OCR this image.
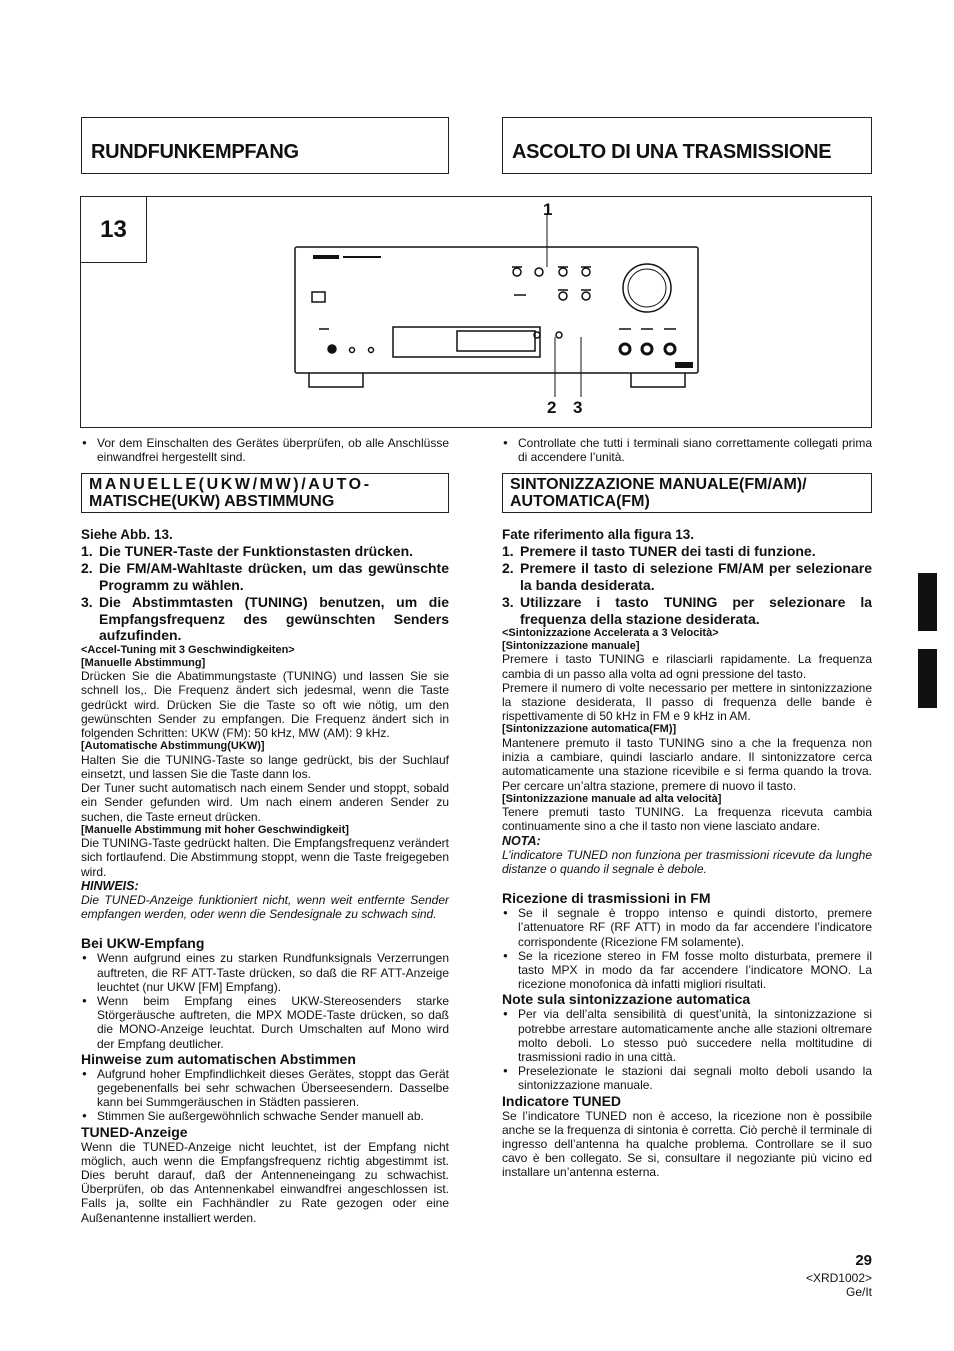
RUNDFUNKEMPFANG	ASCOLTO DI UNA TRASMISSIONE
13
1
2 3

● Vor dem Einschalten des Gerätes überprüfen, ob alle Anschlüsse einwandfrei hergestellt sind.

MANUELLE(UKW/MW)/AUTO-
MATISCHE(UKW) ABSTIMMUNG

Siehe Abb. 13.

1. Die TUNER-Taste der Funktionstasten drücken.
2. Die FM/AM-Wahltaste drücken, um das gewünschte Programm zu wählen.
3. Die Abstimmtasten (TUNING) benutzen, um die Empfangsfrequenz des gewünschten Senders aufzufinden.

<Accel-Tuning mit 3 Geschwindigkeiten>

[Manuelle Abstimmung]

Drücken Sie die Abatimmungstaste (TUNING) und lassen Sie sie schnell los,. Die Frequenz ändert sich jedesmal, wenn die Taste gedrückt wird. Drücken Sie die Taste so oft wie nötig, um den gewünschten Sender zu empfangen. Die Frequenz ändert sich in folgenden Schritten: UKW (FM): 50 kHz, MW (AM): 9 kHz.

[Automatische Abstimmung(UKW)]

Halten Sie die TUNING-Taste so lange gedrückt, bis der Suchlauf einsetzt, und lassen Sie die Taste dann los.

Der Tuner sucht automatisch nach einem Sender und stoppt, sobald ein Sender gefunden wird. Um nach einem anderen Sender zu suchen, die Taste erneut drücken.

[Manuelle Abstimmung mit hoher Geschwindigkeit]

Die TUNING-Taste gedrückt halten. Die Empfangsfrequenz verändert sich fortlaufend. Die Abstimmung stoppt, wenn die Taste freigegeben wird.

HINWEIS:

Die TUNED-Anzeige funktioniert nicht, wenn weit entfernte Sender empfangen werden, oder wenn die Sendesignale zu schwach sind.

Bei UKW-Empfang

● Wenn aufgrund eines zu starken Rundfunksignals Verzerrungen auftreten, die RF ATT-Taste drücken, so daß die RF ATT-Anzeige leuchtet (nur UKW [FM] Empfang).

● Wenn beim Empfang eines UKW-Stereosenders starke Störgeräusche auftreten, die MPX MODE-Taste drücken, so daß die MONO-Anzeige leuchtat. Durch Umschalten auf Mono wird der Empfang deutlicher.

Hinweise zum automatischen Abstimmen

● Aufgrund hoher Empfindlichkeit dieses Gerätes, stoppt das Gerät gegebenenfalls bei sehr schwachen Überseesendern. Dasselbe kann bei Summgeräuschen in Städten passieren.

● Stimmen Sie außergewöhnlich schwache Sender manuell ab.

TUNED-Anzeige

Wenn die TUNED-Anzeige nicht leuchtet, ist der Empfang nicht möglich, auch wenn die Empfangsfrequenz richtig abgestimmt ist. Dies beruht darauf, daß der Antenneneingang zu schwachist. Überprüfen, ob das Antennenkabel einwandfrei angeschlossen ist. Falls ja, sollte ein Fachhändler zu Rate gezogen oder eine Außenantenne installiert werden.

● Controllate che tutti i terminali siano correttamente collegati prima di accendere l’unità.

SINTONIZZAZIONE MANUALE(FM/AM)/
AUTOMATICA(FM)

Fate riferimento alla figura 13.

1. Premere il tasto TUNER dei tasti di funzione.
2. Premere il tasto di selezione FM/AM per selezionare la banda desiderata.
3. Utilizzare i tasto TUNING per selezionare la frequenza della stazione desiderata.

<Sintonizzazione Accelerata a 3 Velocità>

[Sintonizzazione manuale]

Premere i tasto TUNING e rilasciarli rapidamente. La frequenza cambia di un passo alla volta ad ogni pressione del tasto.

Premere il numero di volte necessario per mettere in sintonizzazione la stazione desiderata, Il passo di frequenza delle bande è rispettivamente di 50 kHz in FM e 9 kHz in AM.

[Sintonizzazione automatica(FM)]

Mantenere premuto il tasto TUNING sino a che la frequenza non inizia a cambiare, quindi lasciarlo andare. Il sintonizzatore cerca automaticamente una stazione ricevibile e si ferma quando la trova. Per cercare un’altra stazione, premere di nuovo il tasto.

[Sintonizzazione manuale ad alta velocità]

Tenere premuti tasto TUNING. La frequenza ricevuta cambia continuamente sino a che il tasto non viene lasciato andare.

NOTA:

L’indicatore TUNED non funziona per trasmissioni ricevute da lunghe distanze o quando il segnale è debole.

Ricezione di trasmissioni in FM

● Se il segnale è troppo intenso e quindi distorto, premere l’attenuatore RF (RF ATT) in modo da far accendere l’indicatore corrispondente (Ricezione FM solamente).

● Se la ricezione stereo in FM fosse molto disturbata, premere il tasto MPX in modo da far accendere l’indicatore MONO. La ricezione monofonica dà infatti migliori risultati.

Note sula sintonizzazione automatica

● Per via dell’alta sensibilità di quest’unità, la sintonizzazione si potrebbe arrestare automaticamente anche alle stazioni oltremare molto deboli. Lo stesso può succedere nella moltitudine di trasmissioni radio in una città.

● Preselezionate le stazioni dai segnali molto deboli usando la sintonizzazione manuale.

Indicatore TUNED

Se l’indicatore TUNED non è acceso, la ricezione non è possibile anche se la frequenza di sintonia è corretta. Ciò perchè il terminale di ingresso dell’antenna ha qualche problema. Controllare se il suo cavo è ben collegato. Se si, consultare il negoziante più vicino ed installare un’antenna esterna.

29
<XRD1002>
Ge/It
